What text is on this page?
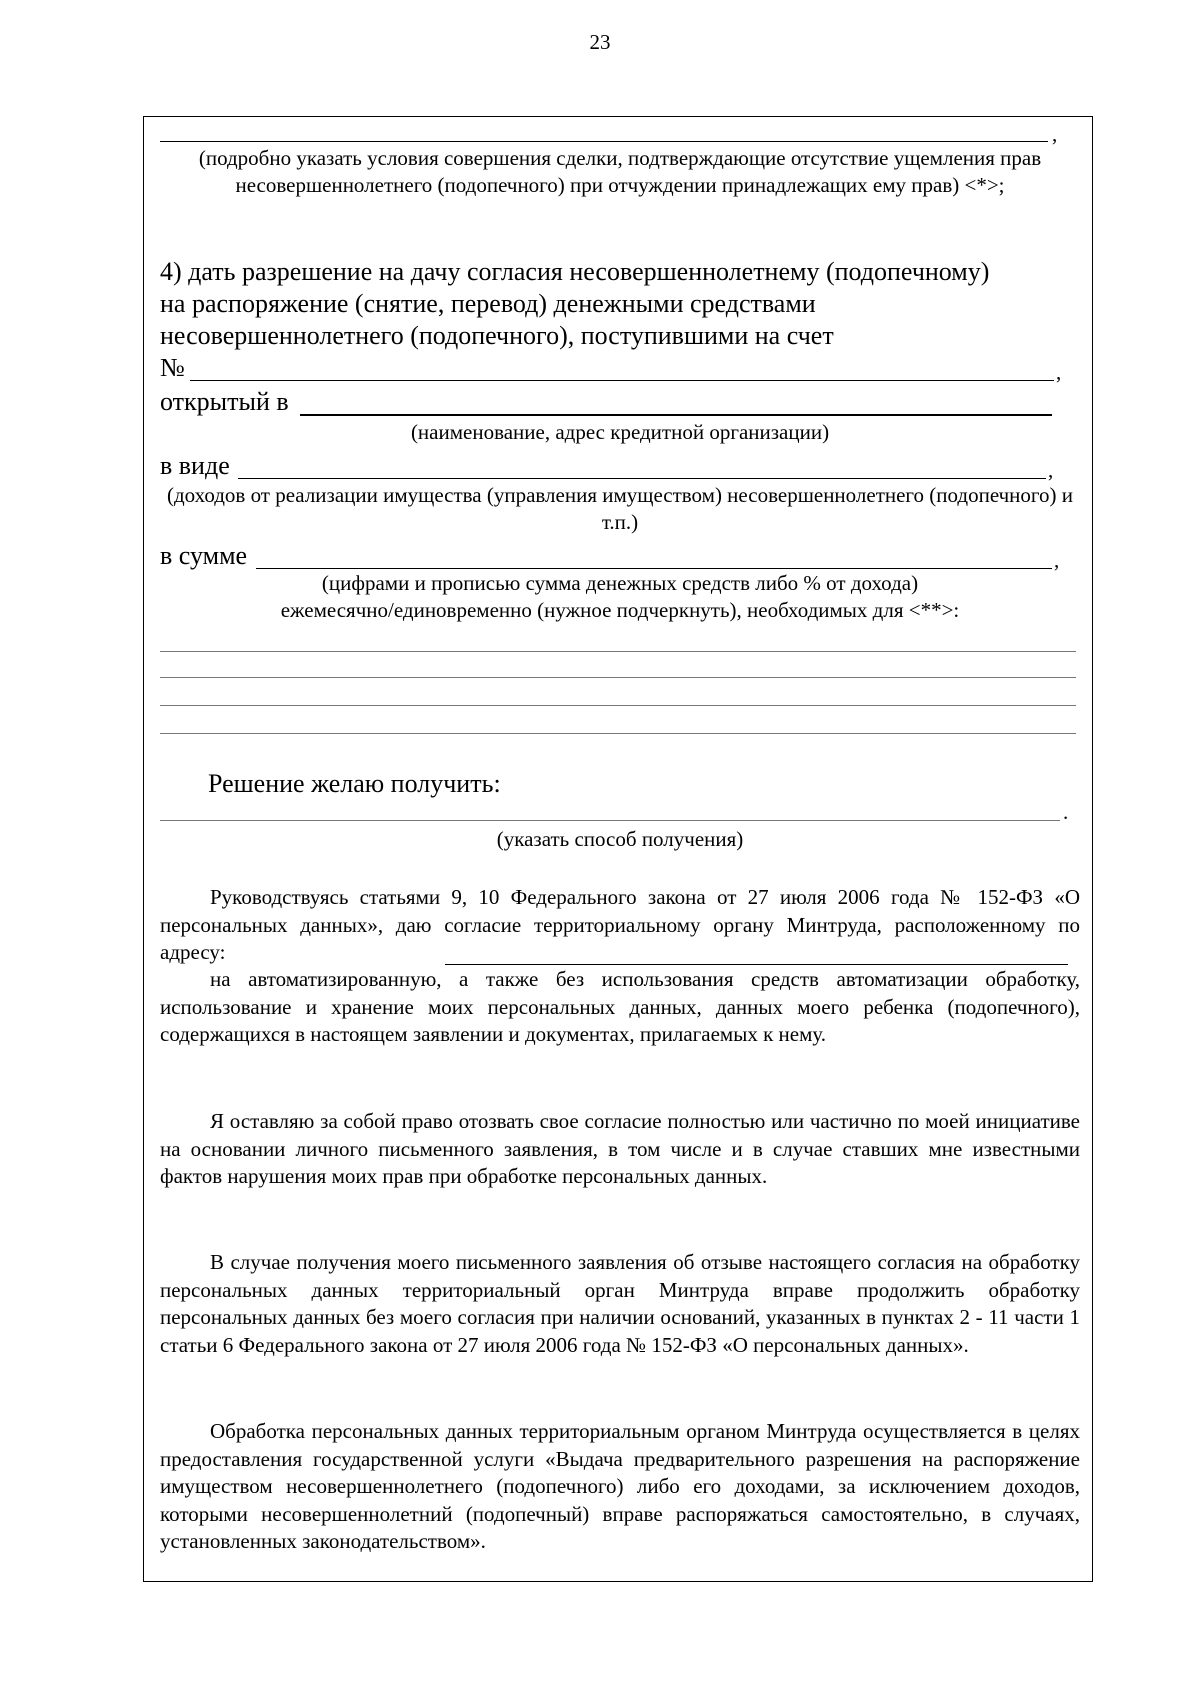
23
,
(подробно указать условия совершения сделки, подтверждающие отсутствие ущемления прав несовершеннолетнего (подопечного) при отчуждении принадлежащих ему прав) <*>;
4) дать разрешение на дачу согласия несовершеннолетнему (подопечному)
на распоряжение (снятие, перевод) денежными средствами
несовершеннолетнего (подопечного), поступившими на счет
№	,
открытый в
(наименование, адрес кредитной организации)
в виде	,
(доходов от реализации имущества (управления имуществом) несовершеннолетнего (подопечного) и т.п.)
в сумме	,
(цифрами и прописью сумма денежных средств либо % от дохода)
ежемесячно/единовременно (нужное подчеркнуть), необходимых для <**>:
Решение желаю получить:
.
(указать способ получения)

Руководствуясь статьями 9, 10 Федерального закона от 27 июля 2006 года № 152-ФЗ «О персональных данных», даю согласие территориальному органу Минтруда, расположенному по адресу:

на автоматизированную, а также без использования средств автоматизации обработку, использование и хранение моих персональных данных, данных моего ребенка (подопечного), содержащихся в настоящем заявлении и документах, прилагаемых к нему.

Я оставляю за собой право отозвать свое согласие полностью или частично по моей инициативе на основании личного письменного заявления, в том числе и в случае ставших мне известными фактов нарушения моих прав при обработке персональных данных.

В случае получения моего письменного заявления об отзыве настоящего согласия на обработку персональных данных территориальный орган Минтруда вправе продолжить обработку персональных данных без моего согласия при наличии оснований, указанных в пунктах 2 - 11 части 1 статьи 6 Федерального закона от 27 июля 2006 года № 152-ФЗ «О персональных данных».

Обработка персональных данных территориальным органом Минтруда осуществляется в целях предоставления государственной услуги «Выдача предварительного разрешения на распоряжение имуществом несовершеннолетнего (подопечного) либо его доходами, за исключением доходов, которыми несовершеннолетний (подопечный) вправе распоряжаться самостоятельно, в случаях, установленных законодательством».
